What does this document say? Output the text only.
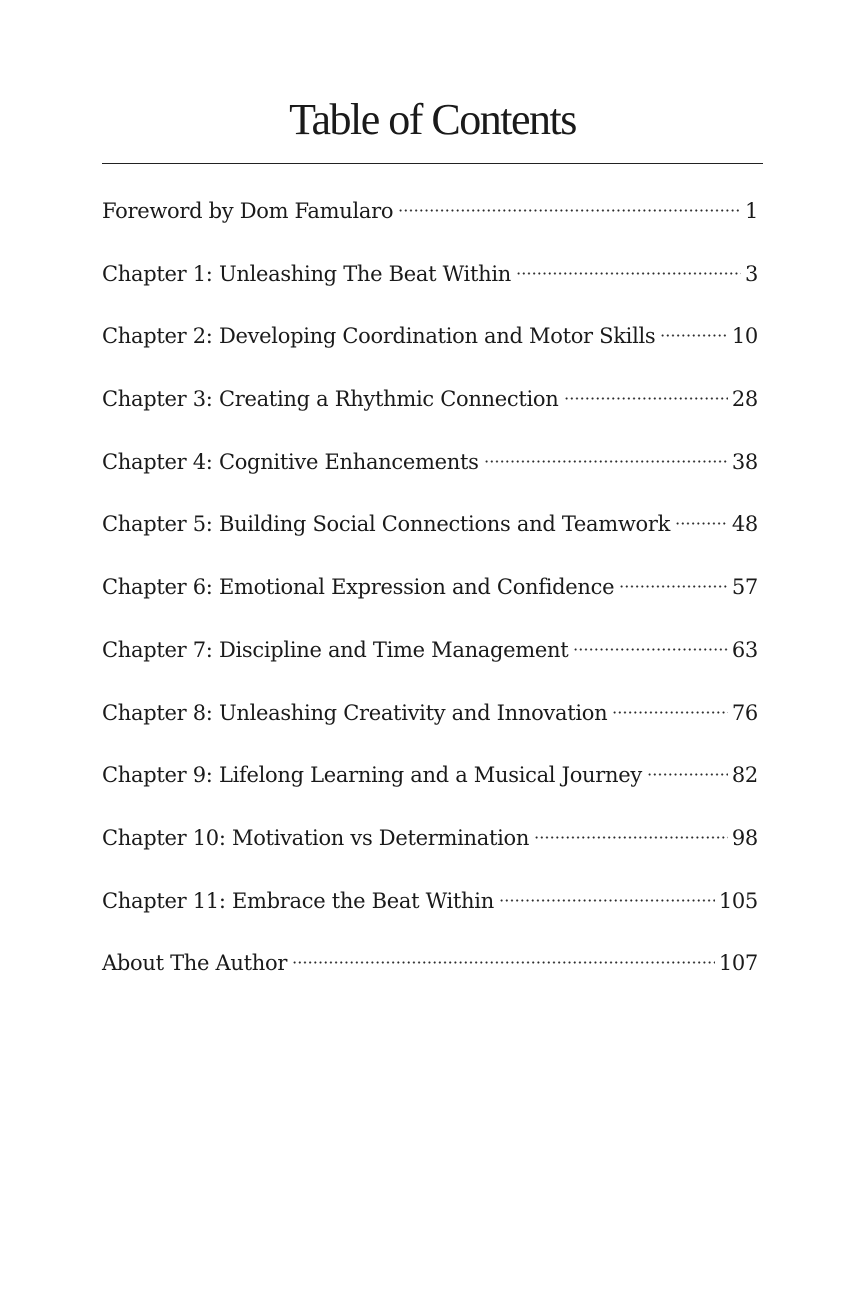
Table of Contents
Foreword by Dom Famularo	1
Chapter 1: Unleashing The Beat Within	3
Chapter 2: Developing Coordination and Motor Skills	10
Chapter 3: Creating a Rhythmic Connection	28
Chapter 4: Cognitive Enhancements	38
Chapter 5: Building Social Connections and Teamwork	48
Chapter 6: Emotional Expression and Confidence	57
Chapter 7: Discipline and Time Management	63
Chapter 8: Unleashing Creativity and Innovation	76
Chapter 9: Lifelong Learning and a Musical Journey	82
Chapter 10: Motivation vs Determination	98
Chapter 11: Embrace the Beat Within	105
About The Author	107
